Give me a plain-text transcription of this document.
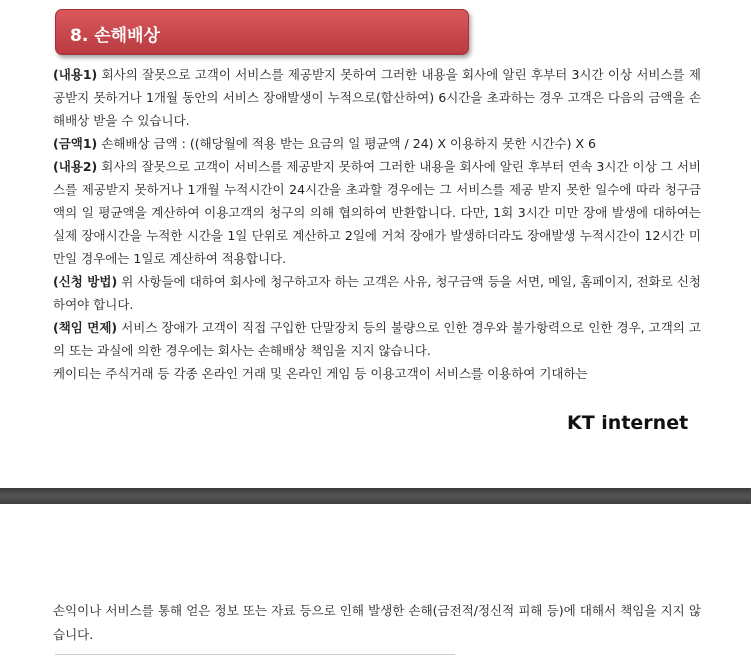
8. 손해배상

(내용1) 회사의 잘못으로 고객이 서비스를 제공받지 못하여 그러한 내용을 회사에 알린 후부터 3시간 이상 서비스를 제공받지 못하거나 1개월 동안의 서비스 장애발생이 누적으로(합산하여) 6시간을 초과하는 경우 고객은 다음의 금액을 손해배상 받을 수 있습니다.

(금액1) 손해배상 금액 : ((해당월에 적용 받는 요금의 일 평균액 / 24) X 이용하지 못한 시간수) X 6

(내용2) 회사의 잘못으로 고객이 서비스를 제공받지 못하여 그러한 내용을 회사에 알린 후부터 연속 3시간 이상 그 서비스를 제공받지 못하거나 1개월 누적시간이 24시간을 초과할 경우에는 그 서비스를 제공 받지 못한 일수에 따라 청구금액의 일 평균액을 계산하여 이용고객의 청구의 의해 협의하여 반환합니다. 다만, 1회 3시간 미만 장애 발생에 대하여는 실제 장애시간을 누적한 시간을 1일 단위로 계산하고 2일에 거쳐 장애가 발생하더라도 장애발생 누적시간이 12시간 미만일 경우에는 1일로 계산하여 적용합니다.

(신청 방법) 위 사항들에 대하여 회사에 청구하고자 하는 고객은 사유, 청구금액 등을 서면, 메일, 홈페이지, 전화로 신청하여야 합니다.

(책임 면제) 서비스 장애가 고객이 직접 구입한 단말장치 등의 불량으로 인한 경우와 불가항력으로 인한 경우, 고객의 고의 또는 과실에 의한 경우에는 회사는 손해배상 책임을 지지 않습니다.

케이티는 주식거래 등 각종 온라인 거래 및 온라인 게임 등 이용고객이 서비스를 이용하여 기대하는

KT internet

손익이나 서비스를 통해 얻은 정보 또는 자료 등으로 인해 발생한 손해(금전적/정신적 피해 등)에 대해서 책임을 지지 않습니다.
